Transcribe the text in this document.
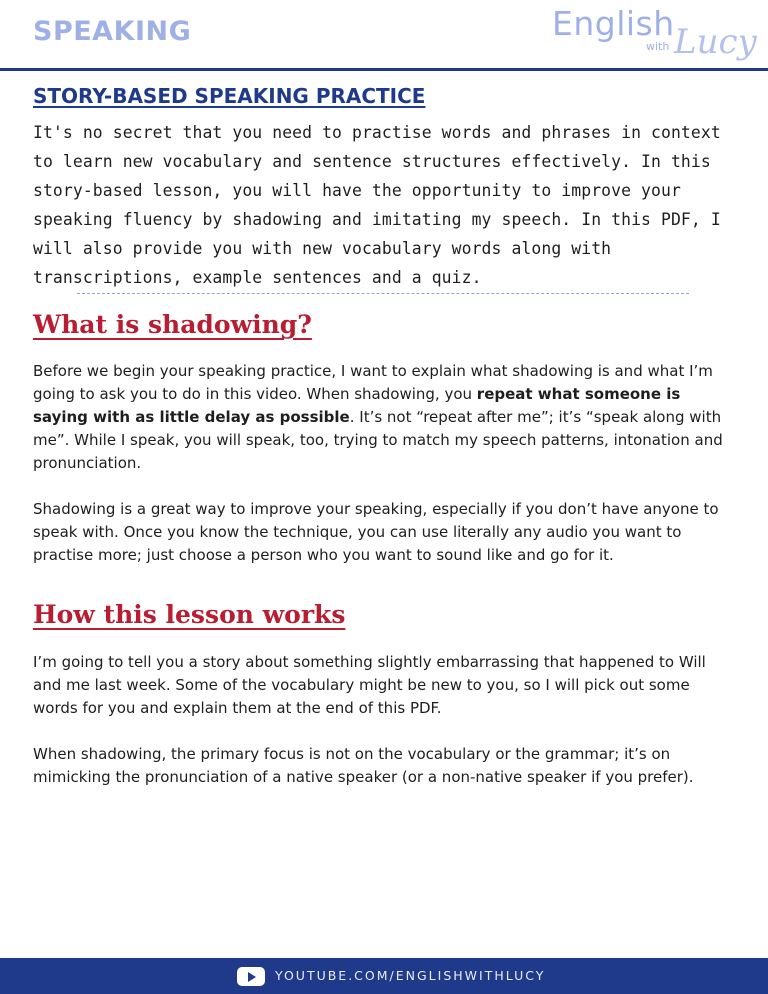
SPEAKING	English
with Lucy
STORY-BASED SPEAKING PRACTICE

It's no secret that you need to practise words and phrases in context to learn new vocabulary and sentence structures effectively. In this story-based lesson, you will have the opportunity to improve your speaking fluency by shadowing and imitating my speech. In this PDF, I will also provide you with new vocabulary words along with transcriptions, example sentences and a quiz.

What is shadowing?

Before we begin your speaking practice, I want to explain what shadowing is and what I’m going to ask you to do in this video. When shadowing, you repeat what someone is saying with as little delay as possible. It’s not “repeat after me”; it’s “speak along with me”. While I speak, you will speak, too, trying to match my speech patterns, intonation and pronunciation.

Shadowing is a great way to improve your speaking, especially if you don’t have anyone to speak with. Once you know the technique, you can use literally any audio you want to practise more; just choose a person who you want to sound like and go for it.

How this lesson works

I’m going to tell you a story about something slightly embarrassing that happened to Will and me last week. Some of the vocabulary might be new to you, so I will pick out some words for you and explain them at the end of this PDF.

When shadowing, the primary focus is not on the vocabulary or the grammar; it’s on mimicking the pronunciation of a native speaker (or a non-native speaker if you prefer).

YOUTUBE.COM/ENGLISHWITHLUCY
